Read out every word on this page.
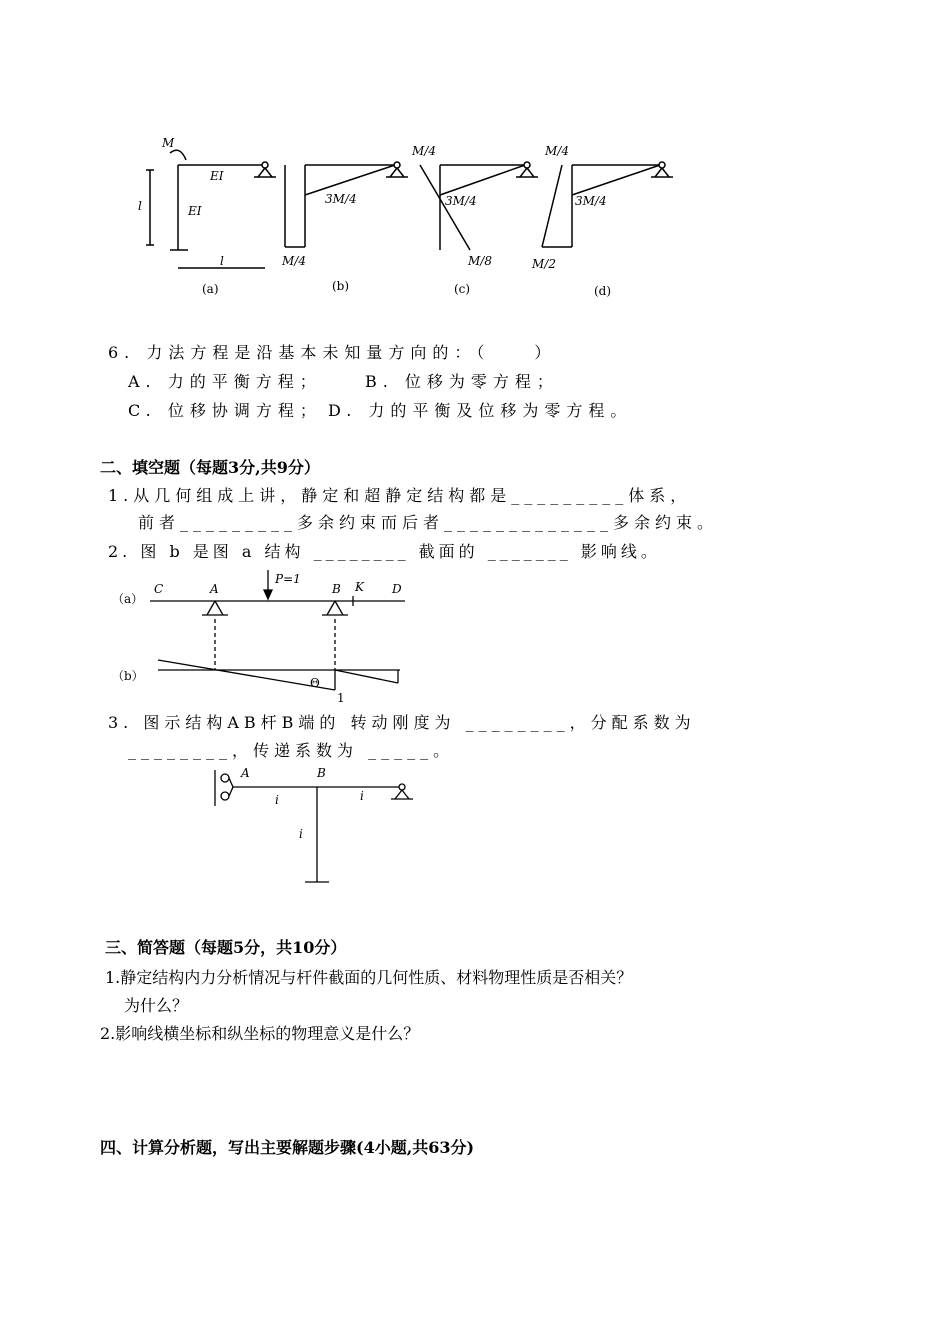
M
EI
EI
l
l
(a)
M/4
3M/4
(b)
M/4
3M/4
M/8
(c)
M/4
3M/4
M/2
(d)
6. 力法方程是沿基本未知量方向的：（　　）
A. 力的平衡方程；	B. 位移为零方程；
C. 位移协调方程； D. 力的平衡及位移为零方程。
二、填空题（每题3分,共9分）
1.从几何组成上讲，静定和超静定结构都是_________体系，
前者_________多余约束而后者_____________多余约束。
2. 图 b 是图 a 结构 ________ 截面的 _______ 影响线。
（a）
C	A
P=1
B K D
（b）	Θ
1
3. 图示结构AB杆B端的 转动刚度为 ________，分配系数为
________，传递系数为 _____。
A	B
i	i
i
三、简答题（每题5分，共10分）
1.静定结构内力分析情况与杆件截面的几何性质、材料物理性质是否相关？
为什么？
2.影响线横坐标和纵坐标的物理意义是什么？
四、计算分析题，写出主要解题步骤(4小题,共63分)
